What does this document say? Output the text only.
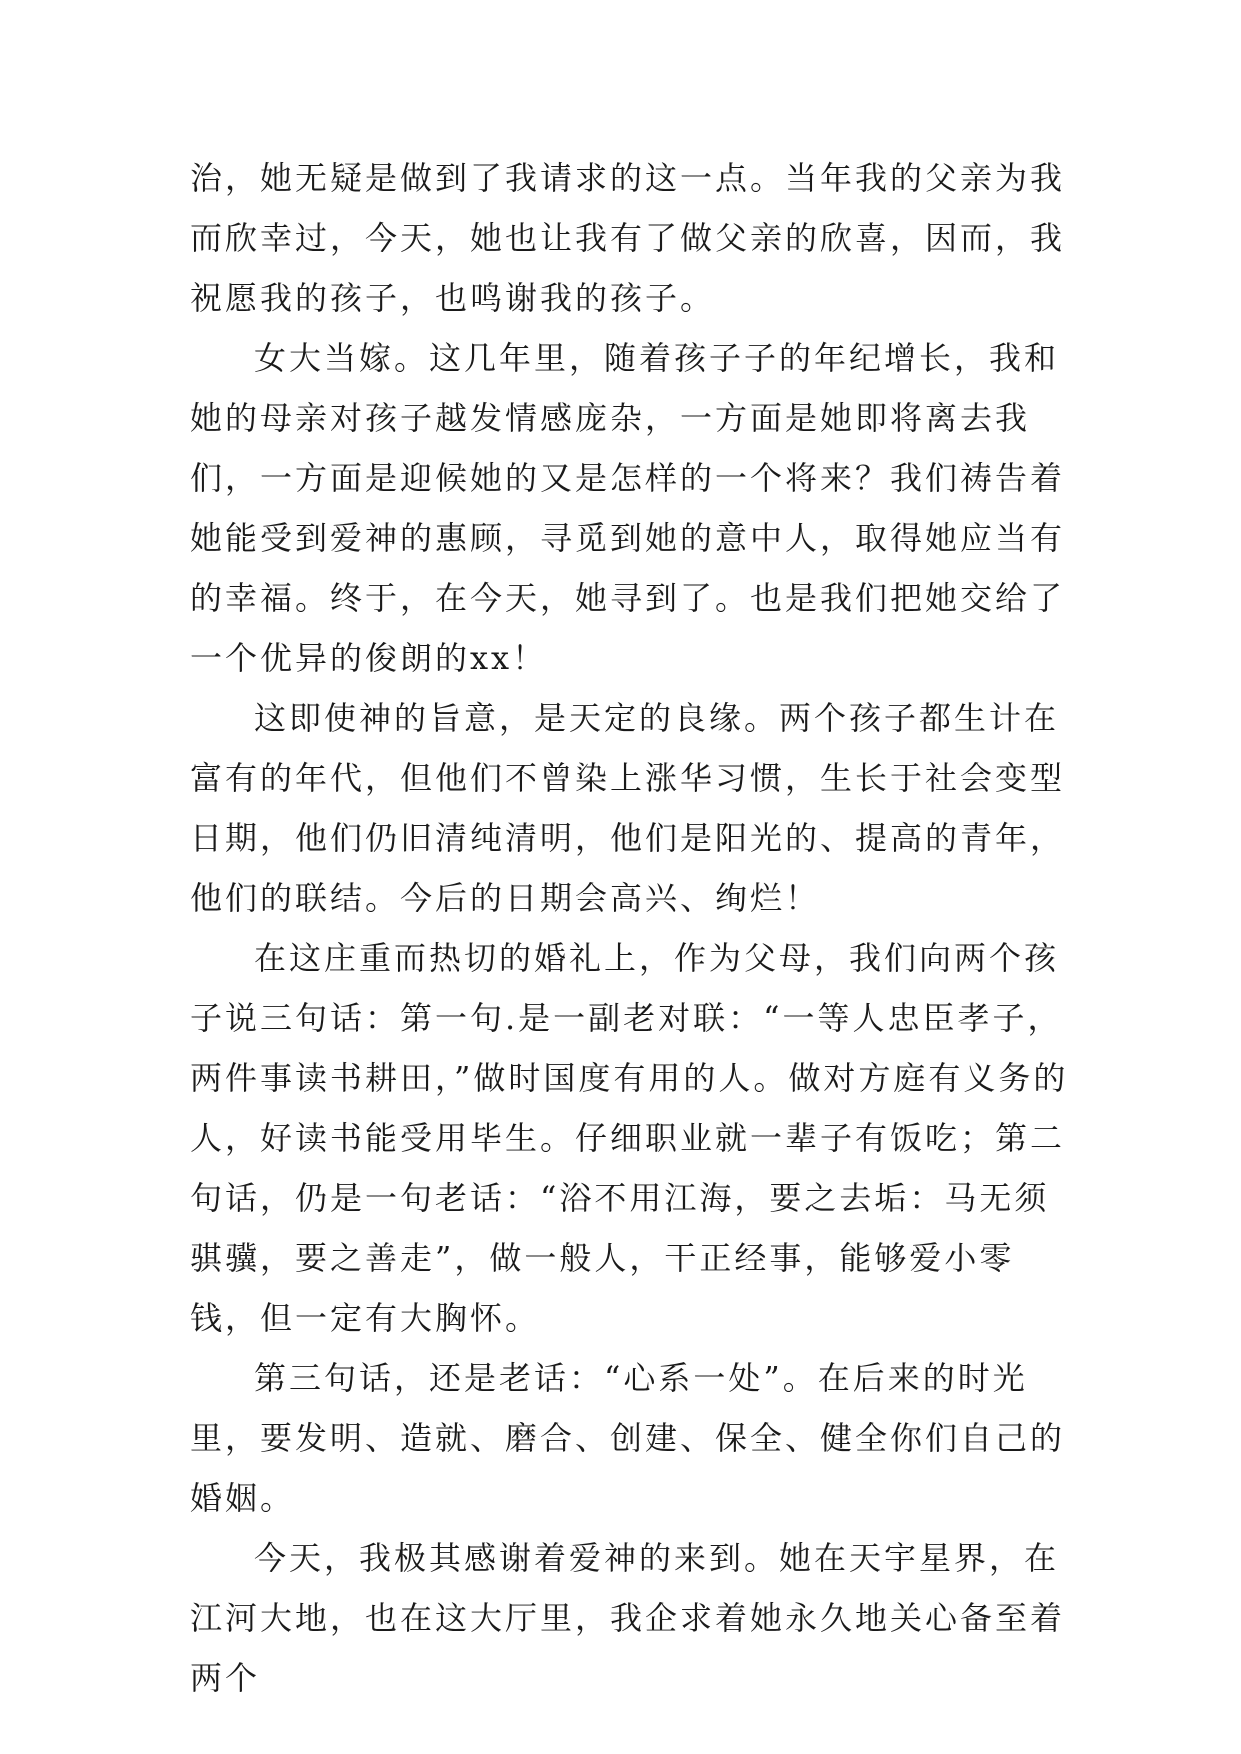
治，她无疑是做到了我请求的这一点。当年我的父亲为我而欣幸过，今天，她也让我有了做父亲的欣喜，因而，我祝愿我的孩子，也鸣谢我的孩子。

女大当嫁。这几年里，随着孩子子的年纪增长，我和她的母亲对孩子越发情感庞杂，一方面是她即将离去我们，一方面是迎候她的又是怎样的一个将来？我们祷告着她能受到爱神的惠顾，寻觅到她的意中人，取得她应当有的幸福。终于，在今天，她寻到了。也是我们把她交给了一个优异的俊朗的xx！

这即使神的旨意，是天定的良缘。两个孩子都生计在富有的年代，但他们不曾染上涨华习惯，生长于社会变型日期，他们仍旧清纯清明，他们是阳光的、提高的青年，他们的联结。今后的日期会高兴、绚烂！

在这庄重而热切的婚礼上，作为父母，我们向两个孩子说三句话：第一句.是一副老对联：“一等人忠臣孝子，两件事读书耕田，”做时国度有用的人。做对方庭有义务的人，好读书能受用毕生。仔细职业就一辈子有饭吃；第二句话，仍是一句老话：“浴不用江海，要之去垢：马无须骐骥，要之善走”，做一般人，干正经事，能够爱小零钱，但一定有大胸怀。

第三句话，还是老话：“心系一处”。在后来的时光里，要发明、造就、磨合、创建、保全、健全你们自己的婚姻。

今天，我极其感谢着爱神的来到。她在天宇星界，在江河大地，也在这大厅里，我企求着她永久地关心备至着两个
